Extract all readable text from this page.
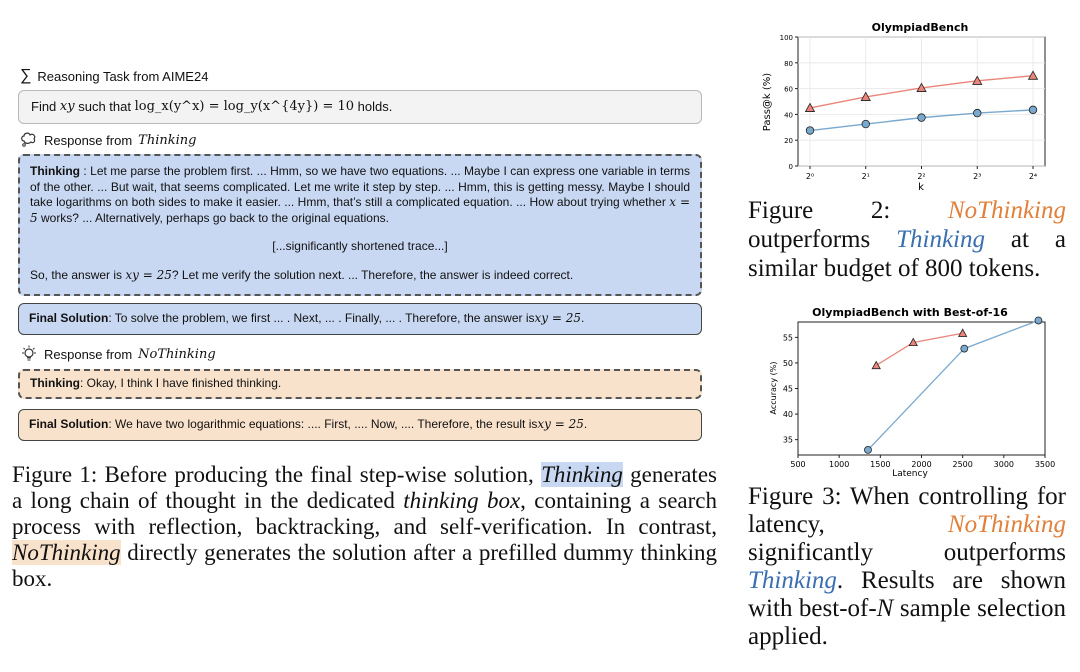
∑ Reasoning Task from AIME24
Find
xy
such that
log_x(y^x) = log_y(x^{4y}) = 10
holds.
Response from Thinking
Thinking : Let me parse the problem first. ... Hmm, so we have two equations. ... Maybe I can express one variable in terms of the other. ... But wait, that seems complicated. Let me write it step by step. ... Hmm, this is getting messy. Maybe I should take logarithms on both sides to make it easier. ... Hmm, that’s still a complicated equation. ... How about trying whether x = 5 works? ... Alternatively, perhaps go back to the original equations.
[...significantly shortened trace...]
So, the answer is xy = 25? Let me verify the solution next. ... Therefore, the answer is indeed correct.
Final Solution : To solve the problem, we first ... . Next, ... . Finally, ... . Therefore, the answer is xy = 25 .
Response from NoThinking
Thinking : Okay, I think I have finished thinking.
Final Solution : We have two logarithmic equations: .... First, .... Now, .... Therefore, the result is xy = 25 .
Figure 1: Before producing the final step-wise solution, Thinking generates a long chain of thought in the dedicated thinking box, containing a search process with reflection, backtracking, and self-verification. In contrast, NoThinking directly generates the solution after a prefilled dummy thinking box.
OlympiadBench
0
20
40
60
80
100
2⁰	2¹	2²	2³	2⁴
k
Pass@k (%)
Figure 2: NoThinking outperforms Thinking at a similar budget of 800 tokens.
OlympiadBench with Best-of-16
35
40
45
50
55
500	1000	1500	2000	2500	3000	3500
Latency
Accuracy (%)
Figure 3: When controlling for latency, NoThinking significantly outperforms Thinking. Results are shown with best-of-N sample selection applied.
